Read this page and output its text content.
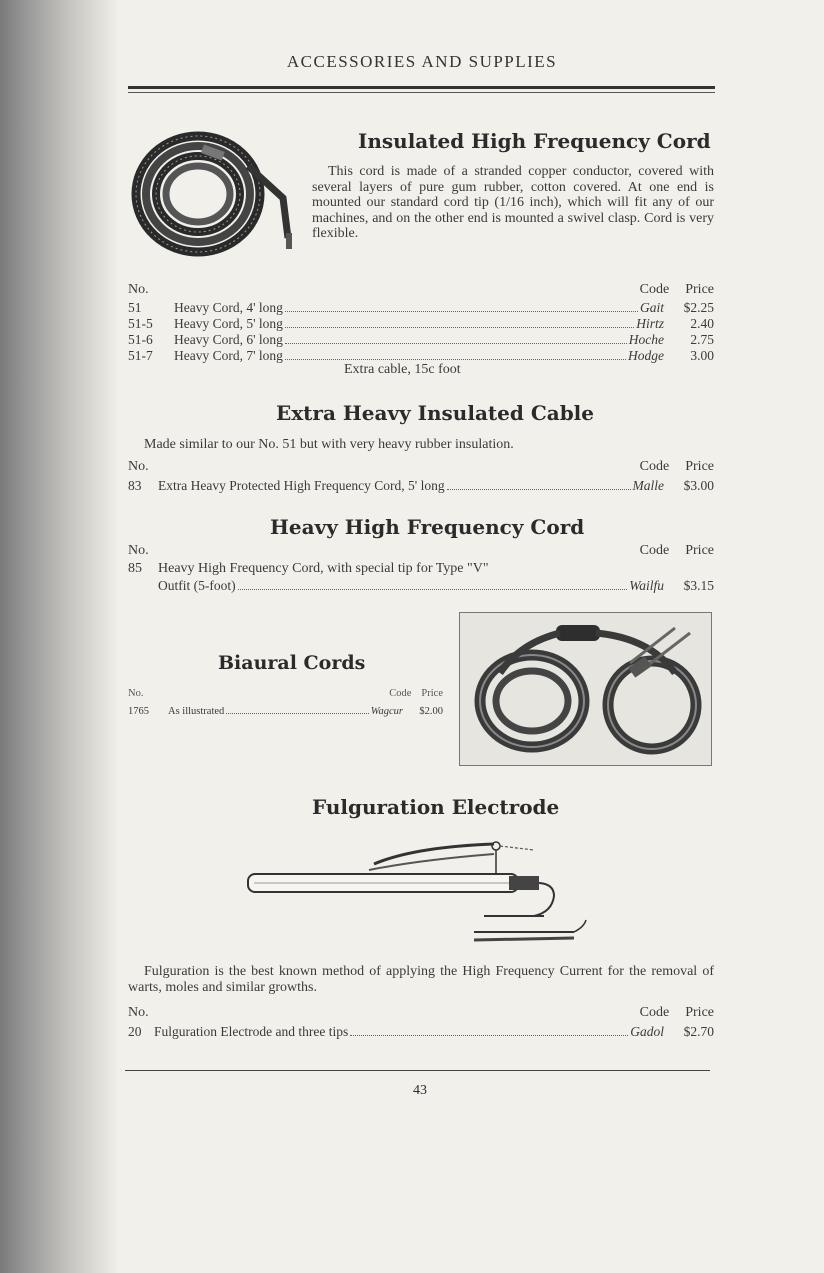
ACCESSORIES AND SUPPLIES
Insulated High Frequency Cord
This cord is made of a stranded copper conductor, covered with several layers of pure gum rubber, cotton covered. At one end is mounted our standard cord tip (1/16 inch), which will fit any of our machines, and on the other end is mounted a swivel clasp. Cord is very flexible.
No.	Code Price
51	Heavy Cord, 4' long	Gait	$2.25
51-5	Heavy Cord, 5' long	Hirtz	2.40
51-6	Heavy Cord, 6' long	Hoche	2.75
51-7	Heavy Cord, 7' long	Hodge	3.00
Extra cable, 15c foot
Extra Heavy Insulated Cable
Made similar to our No. 51 but with very heavy rubber insulation.
No.	Code Price
83	Extra Heavy Protected High Frequency Cord, 5' long	Malle	$3.00
Heavy High Frequency Cord
No.	Code Price
85 Heavy High Frequency Cord, with special tip for Type "V"
Outfit (5-foot)	Wailfu	$3.15
Biaural Cords
No.	Code Price
1765	As illustrated	Wagcur	$2.00
Fulguration Electrode
Fulguration is the best known method of applying the High Frequency Current for the removal of warts, moles and similar growths.
No.	Code Price
20 Fulguration Electrode and three tips	Gadol	$2.70
43
